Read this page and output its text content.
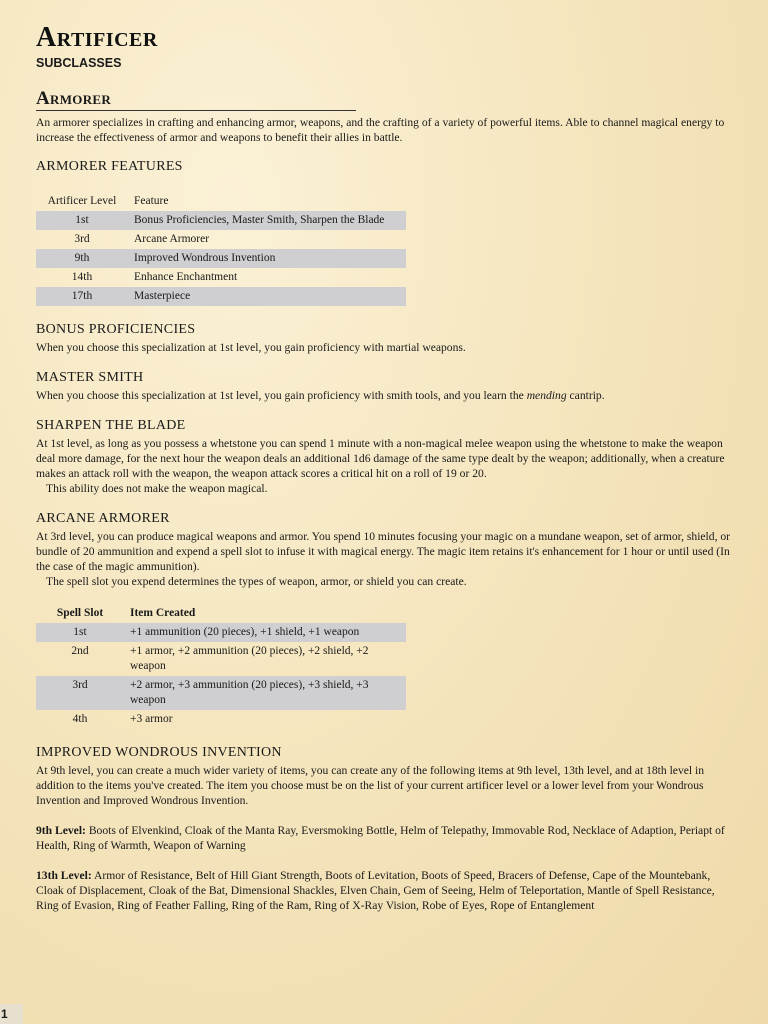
Artificer
SUBCLASSES
Armorer

An armorer specializes in crafting and enhancing armor, weapons, and the crafting of a variety of powerful items. Able to channel magical energy to increase the effectiveness of armor and weapons to benefit their allies in battle.

ARMORER FEATURES
Artificer Level	Feature
1st	Bonus Proficiencies, Master Smith, Sharpen the Blade
3rd	Arcane Armorer
9th	Improved Wondrous Invention
14th	Enhance Enchantment
17th	Masterpiece
BONUS PROFICIENCIES

When you choose this specialization at 1st level, you gain proficiency with martial weapons.

MASTER SMITH

When you choose this specialization at 1st level, you gain proficiency with smith tools, and you learn the mending cantrip.

SHARPEN THE BLADE

At 1st level, as long as you possess a whetstone you can spend 1 minute with a non-magical melee weapon using the whetstone to make the weapon deal more damage, for the next hour the weapon deals an additional 1d6 damage of the same type dealt by the weapon; additionally, when a creature makes an attack roll with the weapon, the weapon attack scores a critical hit on a roll of 19 or 20.

This ability does not make the weapon magical.

ARCANE ARMORER

At 3rd level, you can produce magical weapons and armor. You spend 10 minutes focusing your magic on a mundane weapon, set of armor, shield, or bundle of 20 ammunition and expend a spell slot to infuse it with magical energy. The magic item retains it's enhancement for 1 hour or until used (In the case of the magic ammunition).

The spell slot you expend determines the types of weapon, armor, or shield you can create.

Spell Slot	Item Created
1st	+1 ammunition (20 pieces), +1 shield, +1 weapon
2nd	+1 armor, +2 ammunition (20 pieces), +2 shield, +2 weapon
3rd	+2 armor, +3 ammunition (20 pieces), +3 shield, +3 weapon
4th	+3 armor
IMPROVED WONDROUS INVENTION

At 9th level, you can create a much wider variety of items, you can create any of the following items at 9th level, 13th level, and at 18th level in addition to the items you've created. The item you choose must be on the list of your current artificer level or a lower level from your Wondrous Invention and Improved Wondrous Invention.

9th Level: Boots of Elvenkind, Cloak of the Manta Ray, Eversmoking Bottle, Helm of Telepathy, Immovable Rod, Necklace of Adaption, Periapt of Health, Ring of Warmth, Weapon of Warning

13th Level: Armor of Resistance, Belt of Hill Giant Strength, Boots of Levitation, Boots of Speed, Bracers of Defense, Cape of the Mountebank, Cloak of Displacement, Cloak of the Bat, Dimensional Shackles, Elven Chain, Gem of Seeing, Helm of Teleportation, Mantle of Spell Resistance, Ring of Evasion, Ring of Feather Falling, Ring of the Ram, Ring of X-Ray Vision, Robe of Eyes, Rope of Entanglement

1
